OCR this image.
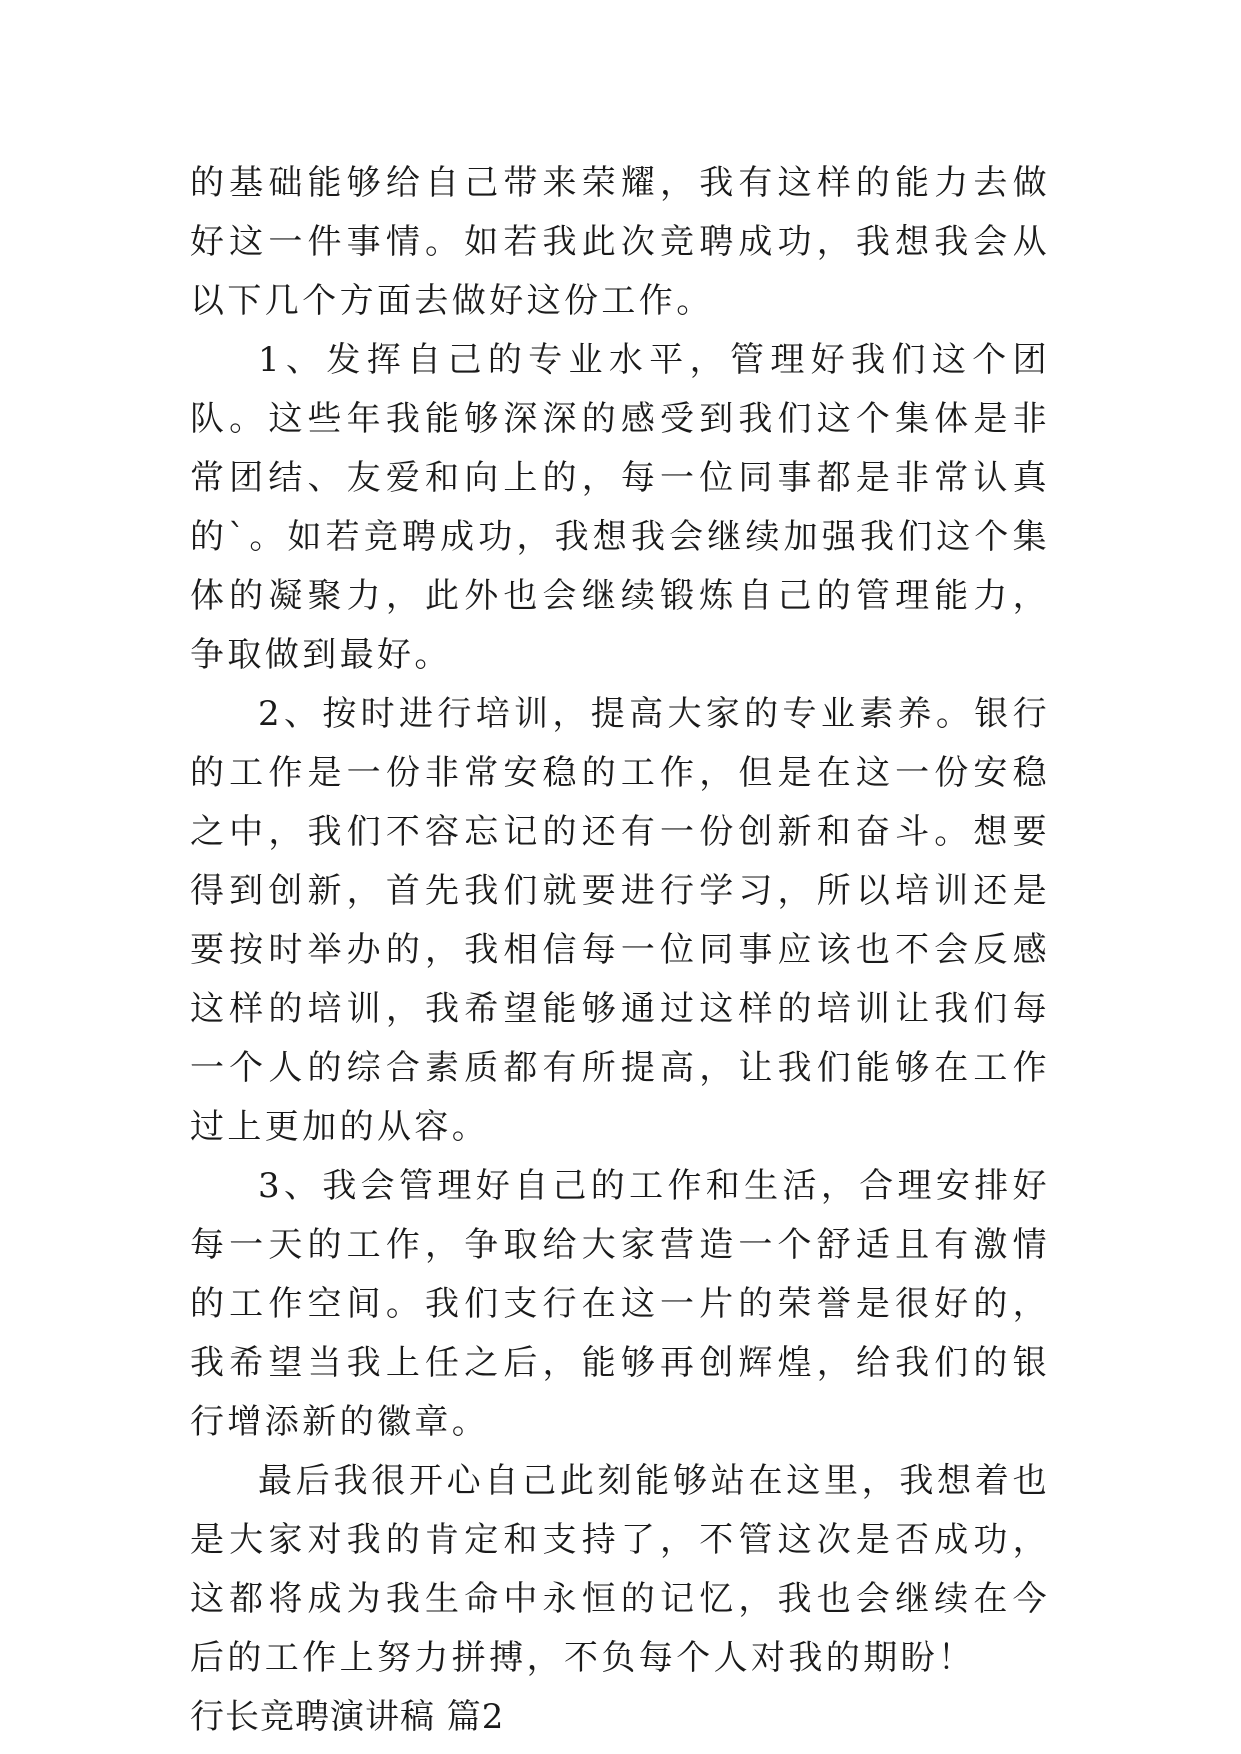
的基础能够给自己带来荣耀，我有这样的能力去做好这一件事情。如若我此次竞聘成功，我想我会从以下几个方面去做好这份工作。

1、发挥自己的专业水平，管理好我们这个团队。这些年我能够深深的感受到我们这个集体是非常团结、友爱和向上的，每一位同事都是非常认真的`。如若竞聘成功，我想我会继续加强我们这个集体的凝聚力，此外也会继续锻炼自己的管理能力，争取做到最好。

2、按时进行培训，提高大家的专业素养。银行的工作是一份非常安稳的工作，但是在这一份安稳之中，我们不容忘记的还有一份创新和奋斗。想要得到创新，首先我们就要进行学习，所以培训还是要按时举办的，我相信每一位同事应该也不会反感这样的培训，我希望能够通过这样的培训让我们每一个人的综合素质都有所提高，让我们能够在工作过上更加的从容。

3、我会管理好自己的工作和生活，合理安排好每一天的工作，争取给大家营造一个舒适且有激情的工作空间。我们支行在这一片的荣誉是很好的，我希望当我上任之后，能够再创辉煌，给我们的银行增添新的徽章。

最后我很开心自己此刻能够站在这里，我想着也是大家对我的肯定和支持了，不管这次是否成功，这都将成为我生命中永恒的记忆，我也会继续在今后的工作上努力拼搏，不负每个人对我的期盼！

行长竞聘演讲稿 篇2
